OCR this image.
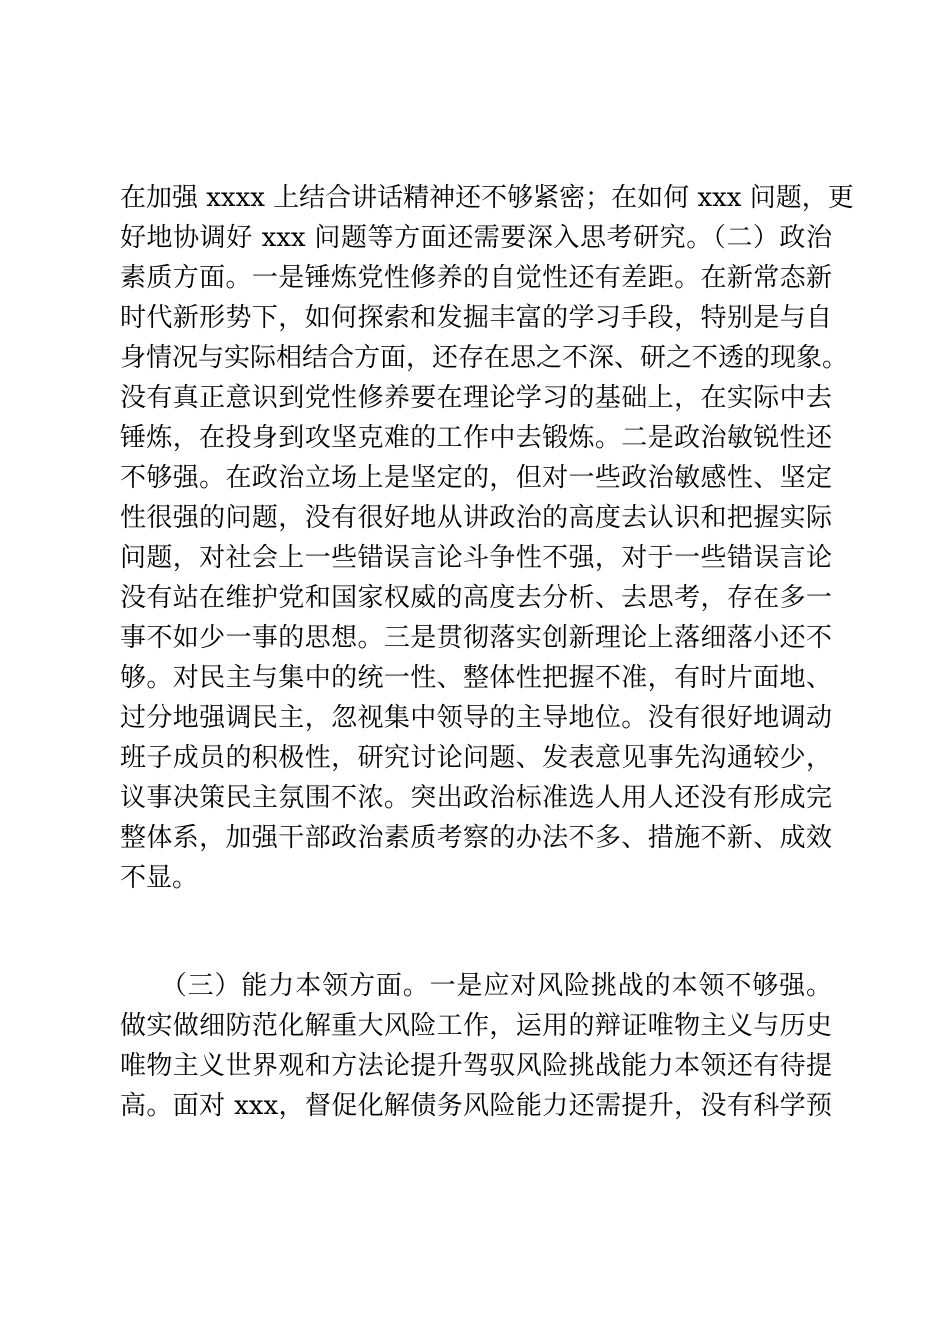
在加强 xxxx 上结合讲话精神还不够紧密；在如何 xxx 问题，更
好地协调好 xxx 问题等方面还需要深入思考研究。（二）政治
素质方面。一是锤炼党性修养的自觉性还有差距。在新常态新
时代新形势下，如何探索和发掘丰富的学习手段，特别是与自
身情况与实际相结合方面，还存在思之不深、研之不透的现象。
没有真正意识到党性修养要在理论学习的基础上，在实际中去
锤炼，在投身到攻坚克难的工作中去锻炼。二是政治敏锐性还
不够强。在政治立场上是坚定的，但对一些政治敏感性、坚定
性很强的问题，没有很好地从讲政治的高度去认识和把握实际
问题，对社会上一些错误言论斗争性不强，对于一些错误言论
没有站在维护党和国家权威的高度去分析、去思考，存在多一
事不如少一事的思想。三是贯彻落实创新理论上落细落小还不
够。对民主与集中的统一性、整体性把握不准，有时片面地、
过分地强调民主，忽视集中领导的主导地位。没有很好地调动
班子成员的积极性，研究讨论问题、发表意见事先沟通较少，
议事决策民主氛围不浓。突出政治标准选人用人还没有形成完
整体系，加强干部政治素质考察的办法不多、措施不新、成效
不显。
　　（三）能力本领方面。一是应对风险挑战的本领不够强。
做实做细防范化解重大风险工作，运用的辩证唯物主义与历史
唯物主义世界观和方法论提升驾驭风险挑战能力本领还有待提
高。面对 xxx，督促化解债务风险能力还需提升，没有科学预
